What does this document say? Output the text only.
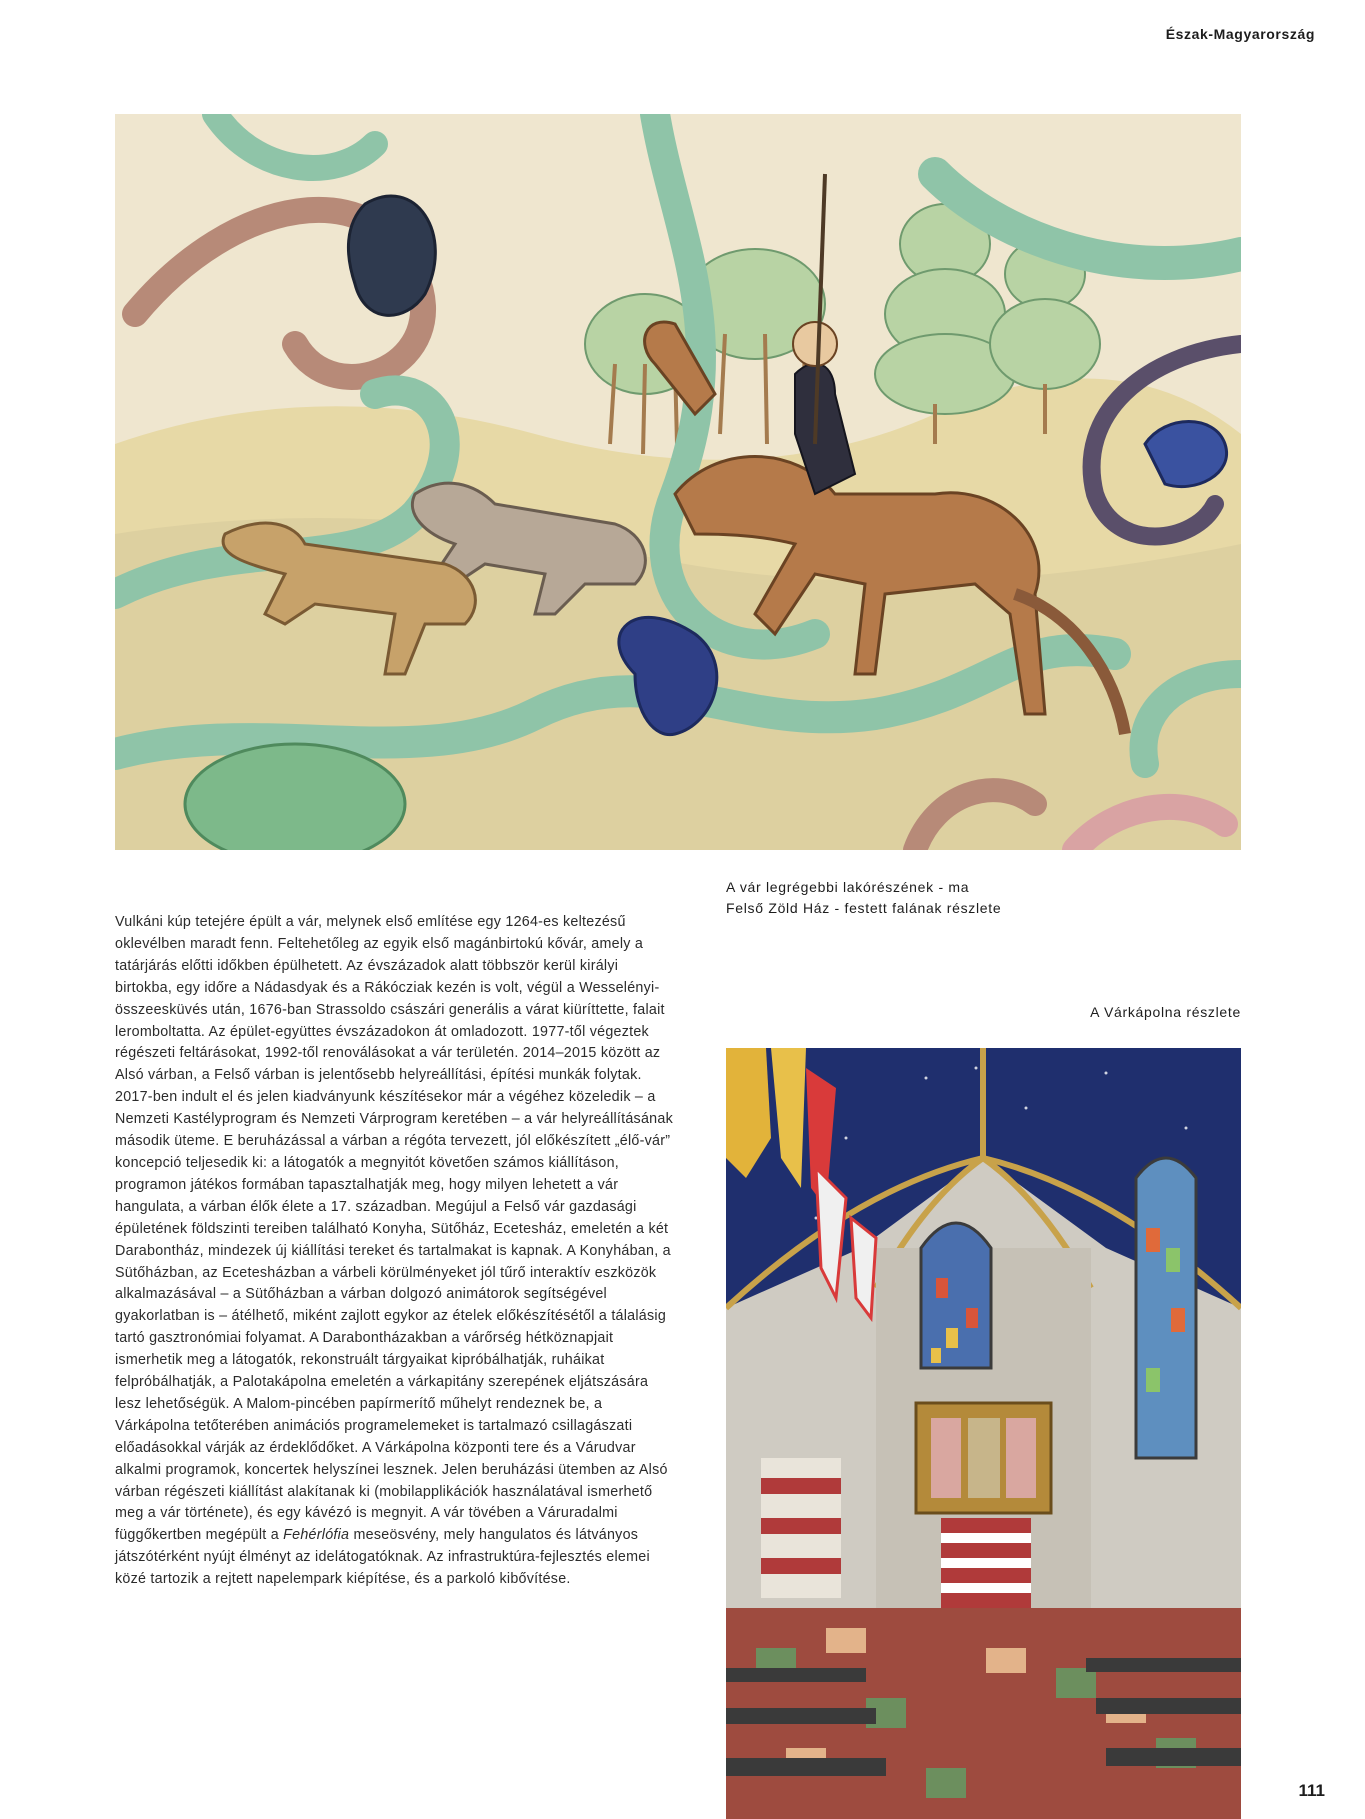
Észak-Magyarország
A vár legrégebbi lakórészének - ma Felső Zöld Ház - festett falának részlete
A Várkápolna részlete

Vulkáni kúp tetejére épült a vár, melynek első említése egy 1264-es keltezésű oklevélben maradt fenn. Feltehetőleg az egyik első magánbirtokú kővár, amely a tatárjárás előtti időkben épülhetett. Az évszázadok alatt többször kerül királyi birtokba, egy időre a Nádasdyak és a Rákócziak kezén is volt, végül a Wesselényi-összeesküvés után, 1676-ban Strassoldo császári generális a várat kiüríttette, falait leromboltatta. Az épület-együttes évszázadokon át omladozott. 1977-től végeztek régészeti feltárásokat, 1992-től renoválásokat a vár területén. 2014–2015 között az Alsó várban, a Felső várban is jelentősebb helyreállítási, építési munkák folytak. 2017-ben indult el és jelen kiadványunk készítésekor már a végéhez közeledik – a Nemzeti Kastélyprogram és Nemzeti Várprogram keretében – a vár helyreállításának második üteme. E beruházással a várban a régóta tervezett, jól előkészített „élő-vár” koncepció teljesedik ki: a látogatók a megnyitót követően számos kiállításon, programon játékos formában tapasztalhatják meg, hogy milyen lehetett a vár hangulata, a várban élők élete a 17. században. Megújul a Felső vár gazdasági épületének földszinti tereiben található Konyha, Sütőház, Ecetesház, emeletén a két Darabontház, mindezek új kiállítási tereket és tartalmakat is kapnak. A Konyhában, a Sütőházban, az Ecetesházban a várbeli körülményeket jól tűrő interaktív eszközök alkalmazásával – a Sütőházban a várban dolgozó animátorok segítségével gyakorlatban is – átélhető, miként zajlott egykor az ételek előkészítésétől a tálalásig tartó gasztronómiai folyamat. A Darabontházakban a várőrség hétköznapjait ismerhetik meg a látogatók, rekonstruált tárgyaikat kipróbálhatják, ruháikat felpróbálhatják, a Palotakápolna emeletén a várkapitány szerepének eljátszására lesz lehetőségük. A Malom-pincében papírmerítő műhelyt rendeznek be, a Várkápolna tetőterében animációs programelemeket is tartalmazó csillagászati előadásokkal várják az érdeklődőket. A Várkápolna központi tere és a Várudvar alkalmi programok, koncertek helyszínei lesznek. Jelen beruházási ütemben az Alsó várban régészeti kiállítást alakítanak ki (mobilapplikációk használatával ismerhető meg a vár története), és egy kávézó is megnyit. A vár tövében a Váruradalmi függőkertben megépült a Fehérlófia meseösvény, mely hangulatos és látványos játszótérként nyújt élményt az idelátogatóknak. Az infrastruktúra-fejlesztés elemei közé tartozik a rejtett napelempark kiépítése, és a parkoló kibővítése.

111
